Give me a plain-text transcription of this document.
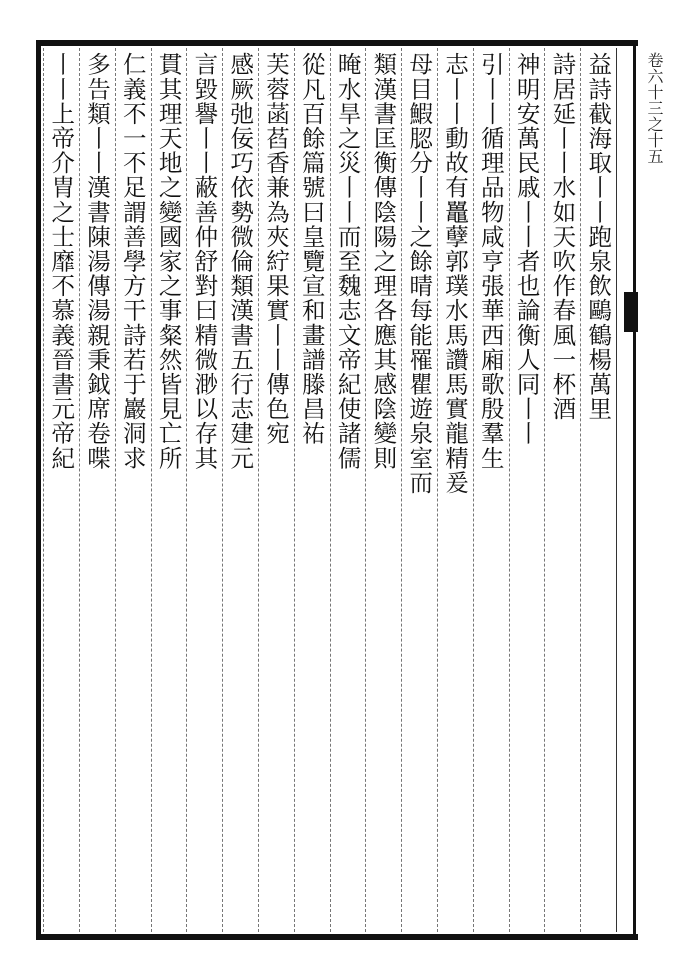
卷六十三之十五
益詩截海取丨丨跑泉飲鷗鶴楊萬里
詩居延丨丨水如天吹作春風一杯酒
神明安萬民戚丨丨者也論衡人同丨丨
引丨丨循理品物咸亨張華西廂歌殷羣生
志丨丨動故有鼉孽郭璞水馬讚馬實龍精爰
母目鰕䏰分丨丨之餘晴每能罹瞿遊泉室而
類漢書匡衡傳陰陽之理各應其感陰變則
晻水旱之災丨丨而至魏志文帝紀使諸儒
從凡百餘篇號曰皇覽宣和畫譜滕昌祐
芙蓉菡萏香兼為夾紵果實丨丨傳色宛
感厥弛佞巧依勢微倫類漢書五行志建元
言毀譽丨丨蔽善仲舒對曰精微渺以存其
貫其理天地之變國家之事粲然皆見亡所
仁義不一不足謂善學方干詩若于巖洞求
多告類丨丨漢書陳湯傳湯親秉鉞席卷喋
丨丨上帝介胄之士靡不慕義晉書元帝紀
